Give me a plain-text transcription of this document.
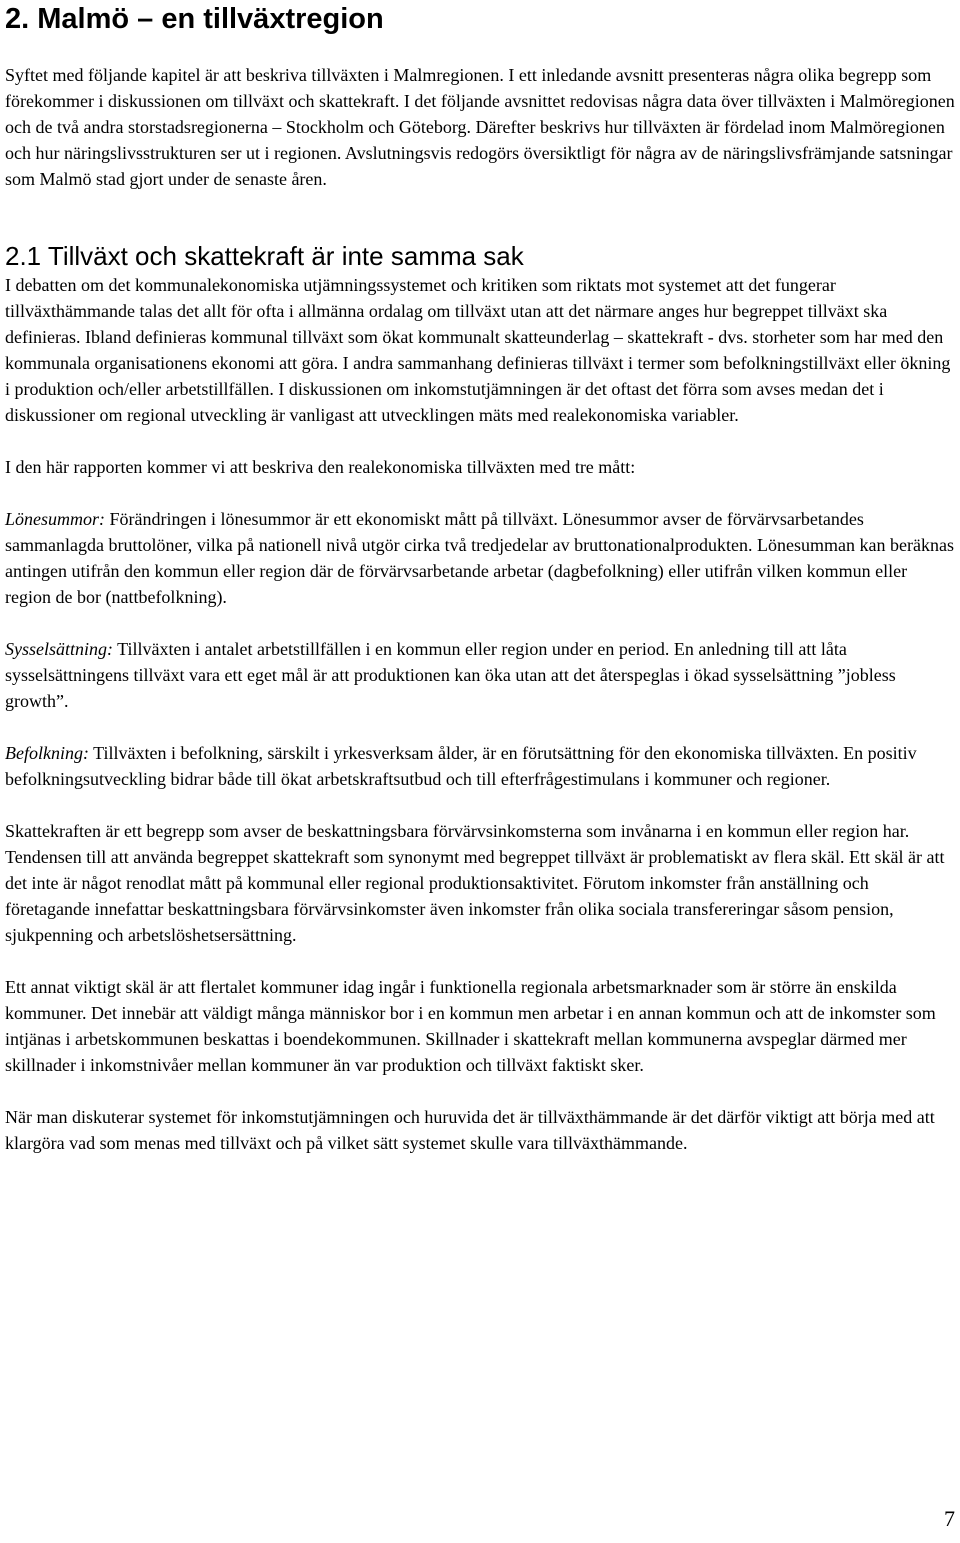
2. Malmö – en tillväxtregion

Syftet med följande kapitel är att beskriva tillväxten i Malmregionen. I ett inledande avsnitt presenteras några olika begrepp som förekommer i diskussionen om tillväxt och skattekraft. I det följande avsnittet redovisas några data över tillväxten i Malmöregionen och de två andra storstadsregionerna – Stockholm och Göteborg. Därefter beskrivs hur tillväxten är fördelad inom Malmöregionen och hur näringslivsstrukturen ser ut i regionen. Avslutningsvis redogörs översiktligt för några av de näringslivsfrämjande satsningar som Malmö stad gjort under de senaste åren.

2.1 Tillväxt och skattekraft är inte samma sak

I debatten om det kommunalekonomiska utjämningssystemet och kritiken som riktats mot systemet att det fungerar tillväxthämmande talas det allt för ofta i allmänna ordalag om tillväxt utan att det närmare anges hur begreppet tillväxt ska definieras. Ibland definieras kommunal tillväxt som ökat kommunalt skatteunderlag – skattekraft - dvs. storheter som har med den kommunala organisationens ekonomi att göra. I andra sammanhang definieras tillväxt i termer som befolkningstillväxt eller ökning i produktion och/eller arbetstillfällen. I diskussionen om inkomstutjämningen är det oftast det förra som avses medan det i diskussioner om regional utveckling är vanligast att utvecklingen mäts med realekonomiska variabler.

I den här rapporten kommer vi att beskriva den realekonomiska tillväxten med tre mått:

Lönesummor: Förändringen i lönesummor är ett ekonomiskt mått på tillväxt. Lönesummor avser de förvärvsarbetandes sammanlagda bruttolöner, vilka på nationell nivå utgör cirka två tredjedelar av bruttonationalprodukten. Lönesumman kan beräknas antingen utifrån den kommun eller region där de förvärvsarbetande arbetar (dagbefolkning) eller utifrån vilken kommun eller region de bor (nattbefolkning).

Sysselsättning: Tillväxten i antalet arbetstillfällen i en kommun eller region under en period. En anledning till att låta sysselsättningens tillväxt vara ett eget mål är att produktionen kan öka utan att det återspeglas i ökad sysselsättning ”jobless growth”.

Befolkning: Tillväxten i befolkning, särskilt i yrkesverksam ålder, är en förutsättning för den ekonomiska tillväxten. En positiv befolkningsutveckling bidrar både till ökat arbetskraftsutbud och till efterfrågestimulans i kommuner och regioner.

Skattekraften är ett begrepp som avser de beskattningsbara förvärvsinkomsterna som invånarna i en kommun eller region har. Tendensen till att använda begreppet skattekraft som synonymt med begreppet tillväxt är problematiskt av flera skäl. Ett skäl är att det inte är något renodlat mått på kommunal eller regional produktionsaktivitet. Förutom inkomster från anställning och företagande innefattar beskattningsbara förvärvsinkomster även inkomster från olika sociala transfereringar såsom pension, sjukpenning och arbetslöshetsersättning.

Ett annat viktigt skäl är att flertalet kommuner idag ingår i funktionella regionala arbetsmarknader som är större än enskilda kommuner. Det innebär att väldigt många människor bor i en kommun men arbetar i en annan kommun och att de inkomster som intjänas i arbetskommunen beskattas i boendekommunen. Skillnader i skattekraft mellan kommunerna avspeglar därmed mer skillnader i inkomstnivåer mellan kommuner än var produktion och tillväxt faktiskt sker.

När man diskuterar systemet för inkomstutjämningen och huruvida det är tillväxthämmande är det därför viktigt att börja med att klargöra vad som menas med tillväxt och på vilket sätt systemet skulle vara tillväxthämmande.

7
